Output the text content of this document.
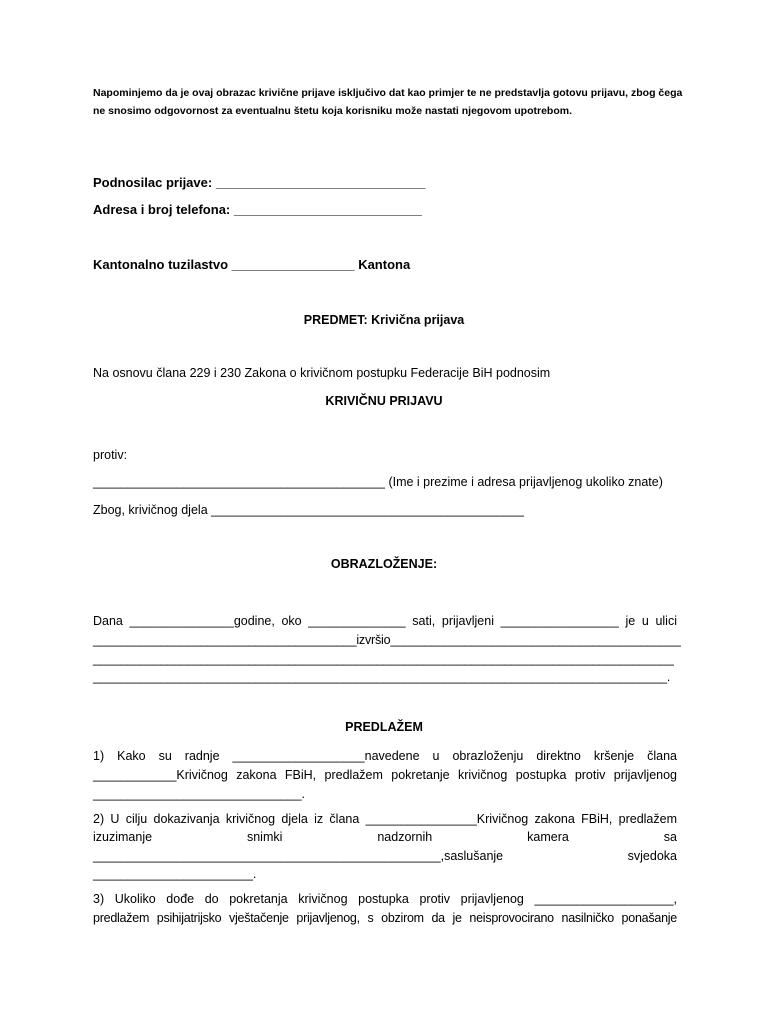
Napominjemo da je ovaj obrazac krivične prijave isključivo dat kao primjer te ne predstavlja gotovu prijavu, zbog čega ne snosimo odgovornost za eventualnu štetu koja korisniku može nastati njegovom upotrebom.
Podnosilac prijave: _____________________________
Adresa i broj telefona: __________________________
Kantonalno tuzilastvo _________________ Kantona
PREDMET: Krivična prijava
Na osnovu člana 229 i 230 Zakona o krivičnom postupku Federacije BiH podnosim
KRIVIČNU PRIJAVU
protiv:
__________________________________________ (Ime i prezime i adresa prijavljenog ukoliko znate)
Zbog, krivičnog djela _____________________________________________
OBRAZLOŽENJE:
Dana _______________godine, oko ______________ sati, prijavljeni _________________ je u ulici
_______________________________________izvršio___________________________________________
______________________________________________________________________________________
_____________________________________________________________________________________.
PREDLAŽEM
1) Kako su radnje ___________________navedene u obrazloženju direktno kršenje člana
____________Krivičnog zakona FBiH, predlažem pokretanje krivičnog postupka protiv prijavljenog
______________________________.
2) U cilju dokazivanja krivičnog djela iz člana ________________Krivičnog zakona FBiH, predlažem
izuzimanje snimki nadzornih kamera sa
__________________________________________________,saslušanje svjedoka
_______________________.
3) Ukoliko dođe do pokretanja krivičnog postupka protiv prijavljenog ____________________,
predlažem psihijatrijsko vještačenje prijavljenog, s obzirom da je neisprovocirano nasilničko ponašanje
